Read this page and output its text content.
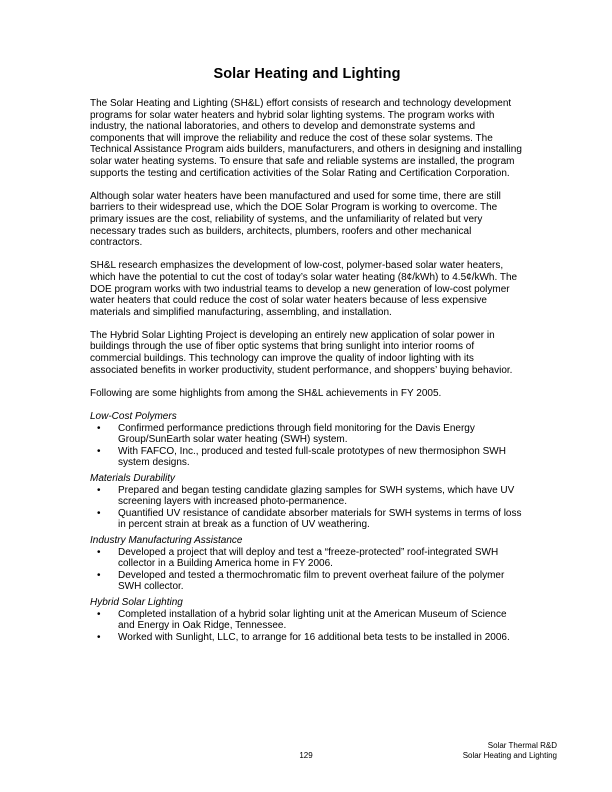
Solar Heating and Lighting

The Solar Heating and Lighting (SH&L) effort consists of research and technology development programs for solar water heaters and hybrid solar lighting systems. The program works with industry, the national laboratories, and others to develop and demonstrate systems and components that will improve the reliability and reduce the cost of these solar systems. The Technical Assistance Program aids builders, manufacturers, and others in designing and installing solar water heating systems. To ensure that safe and reliable systems are installed, the program supports the testing and certification activities of the Solar Rating and Certification Corporation.

Although solar water heaters have been manufactured and used for some time, there are still barriers to their widespread use, which the DOE Solar Program is working to overcome. The primary issues are the cost, reliability of systems, and the unfamiliarity of related but very necessary trades such as builders, architects, plumbers, roofers and other mechanical contractors.

SH&L research emphasizes the development of low-cost, polymer-based solar water heaters, which have the potential to cut the cost of today’s solar water heating (8¢/kWh) to 4.5¢/kWh. The DOE program works with two industrial teams to develop a new generation of low-cost polymer water heaters that could reduce the cost of solar water heaters because of less expensive materials and simplified manufacturing, assembling, and installation.

The Hybrid Solar Lighting Project is developing an entirely new application of solar power in buildings through the use of fiber optic systems that bring sunlight into interior rooms of commercial buildings. This technology can improve the quality of indoor lighting with its associated benefits in worker productivity, student performance, and shoppers’ buying behavior.

Following are some highlights from among the SH&L achievements in FY 2005.

Low-Cost Polymers
•	Confirmed performance predictions through field monitoring for the Davis Energy Group/SunEarth solar water heating (SWH) system.
•	With FAFCO, Inc., produced and tested full-scale prototypes of new thermosiphon SWH system designs.
Materials Durability
•	Prepared and began testing candidate glazing samples for SWH systems, which have UV screening layers with increased photo-permanence.
•	Quantified UV resistance of candidate absorber materials for SWH systems in terms of loss in percent strain at break as a function of UV weathering.
Industry Manufacturing Assistance
•	Developed a project that will deploy and test a “freeze-protected” roof-integrated SWH collector in a Building America home in FY 2006.
•	Developed and tested a thermochromatic film to prevent overheat failure of the polymer SWH collector.
Hybrid Solar Lighting
•	Completed installation of a hybrid solar lighting unit at the American Museum of Science and Energy in Oak Ridge, Tennessee.
•	Worked with Sunlight, LLC, to arrange for 16 additional beta tests to be installed in 2006.
129
Solar Thermal R&D
Solar Heating and Lighting
